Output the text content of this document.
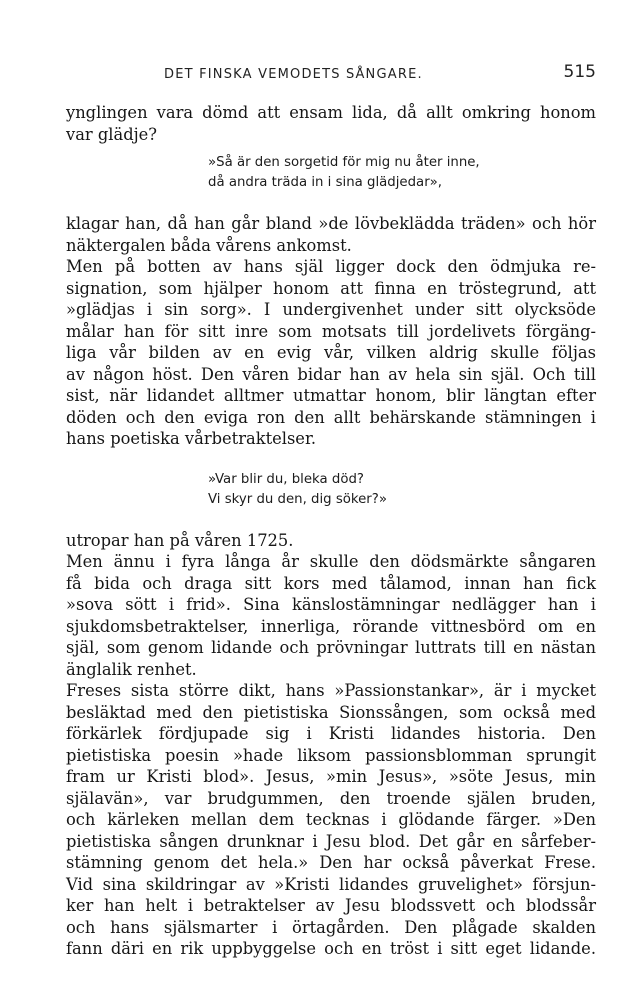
DET FINSKA VEMODETS SÅNGARE.	515
ynglingen vara dömd att ensam lida, då allt omkring honom
var glädje?
»Så är den sorgetid för mig nu åter inne,
då andra träda in i sina glädjedar»,
klagar han, då han går bland »de lövbeklädda träden» och hör
näktergalen båda vårens ankomst.
Men på botten av hans själ ligger dock den ödmjuka re-
signation, som hjälper honom att finna en tröstegrund, att
»glädjas i sin sorg». I undergivenhet under sitt olycksöde
målar han för sitt inre som motsats till jordelivets förgäng-
liga vår bilden av en evig vår, vilken aldrig skulle följas
av någon höst. Den våren bidar han av hela sin själ. Och till
sist, när lidandet alltmer utmattar honom, blir längtan efter
döden och den eviga ron den allt behärskande stämningen i
hans poetiska vårbetraktelser.
»Var blir du, bleka död?
Vi skyr du den, dig söker?»
utropar han på våren 1725.
Men ännu i fyra långa år skulle den dödsmärkte sångaren
få bida och draga sitt kors med tålamod, innan han fick
»sova sött i frid». Sina känslostämningar nedlägger han i
sjukdomsbetraktelser, innerliga, rörande vittnesbörd om en
själ, som genom lidande och prövningar luttrats till en nästan
änglalik renhet.
Freses sista större dikt, hans »Passionstankar», är i mycket
besläktad med den pietistiska Sionssången, som också med
förkärlek fördjupade sig i Kristi lidandes historia. Den
pietistiska poesin »hade liksom passionsblomman sprungit
fram ur Kristi blod». Jesus, »min Jesus», »söte Jesus, min
själavän», var brudgummen, den troende själen bruden,
och kärleken mellan dem tecknas i glödande färger. »Den
pietistiska sången drunknar i Jesu blod. Det går en sårfeber-
stämning genom det hela.» Den har också påverkat Frese.
Vid sina skildringar av »Kristi lidandes gruvelighet» försjun-
ker han helt i betraktelser av Jesu blodssvett och blodssår
och hans själsmarter i örtagården. Den plågade skalden
fann däri en rik uppbyggelse och en tröst i sitt eget lidande.
